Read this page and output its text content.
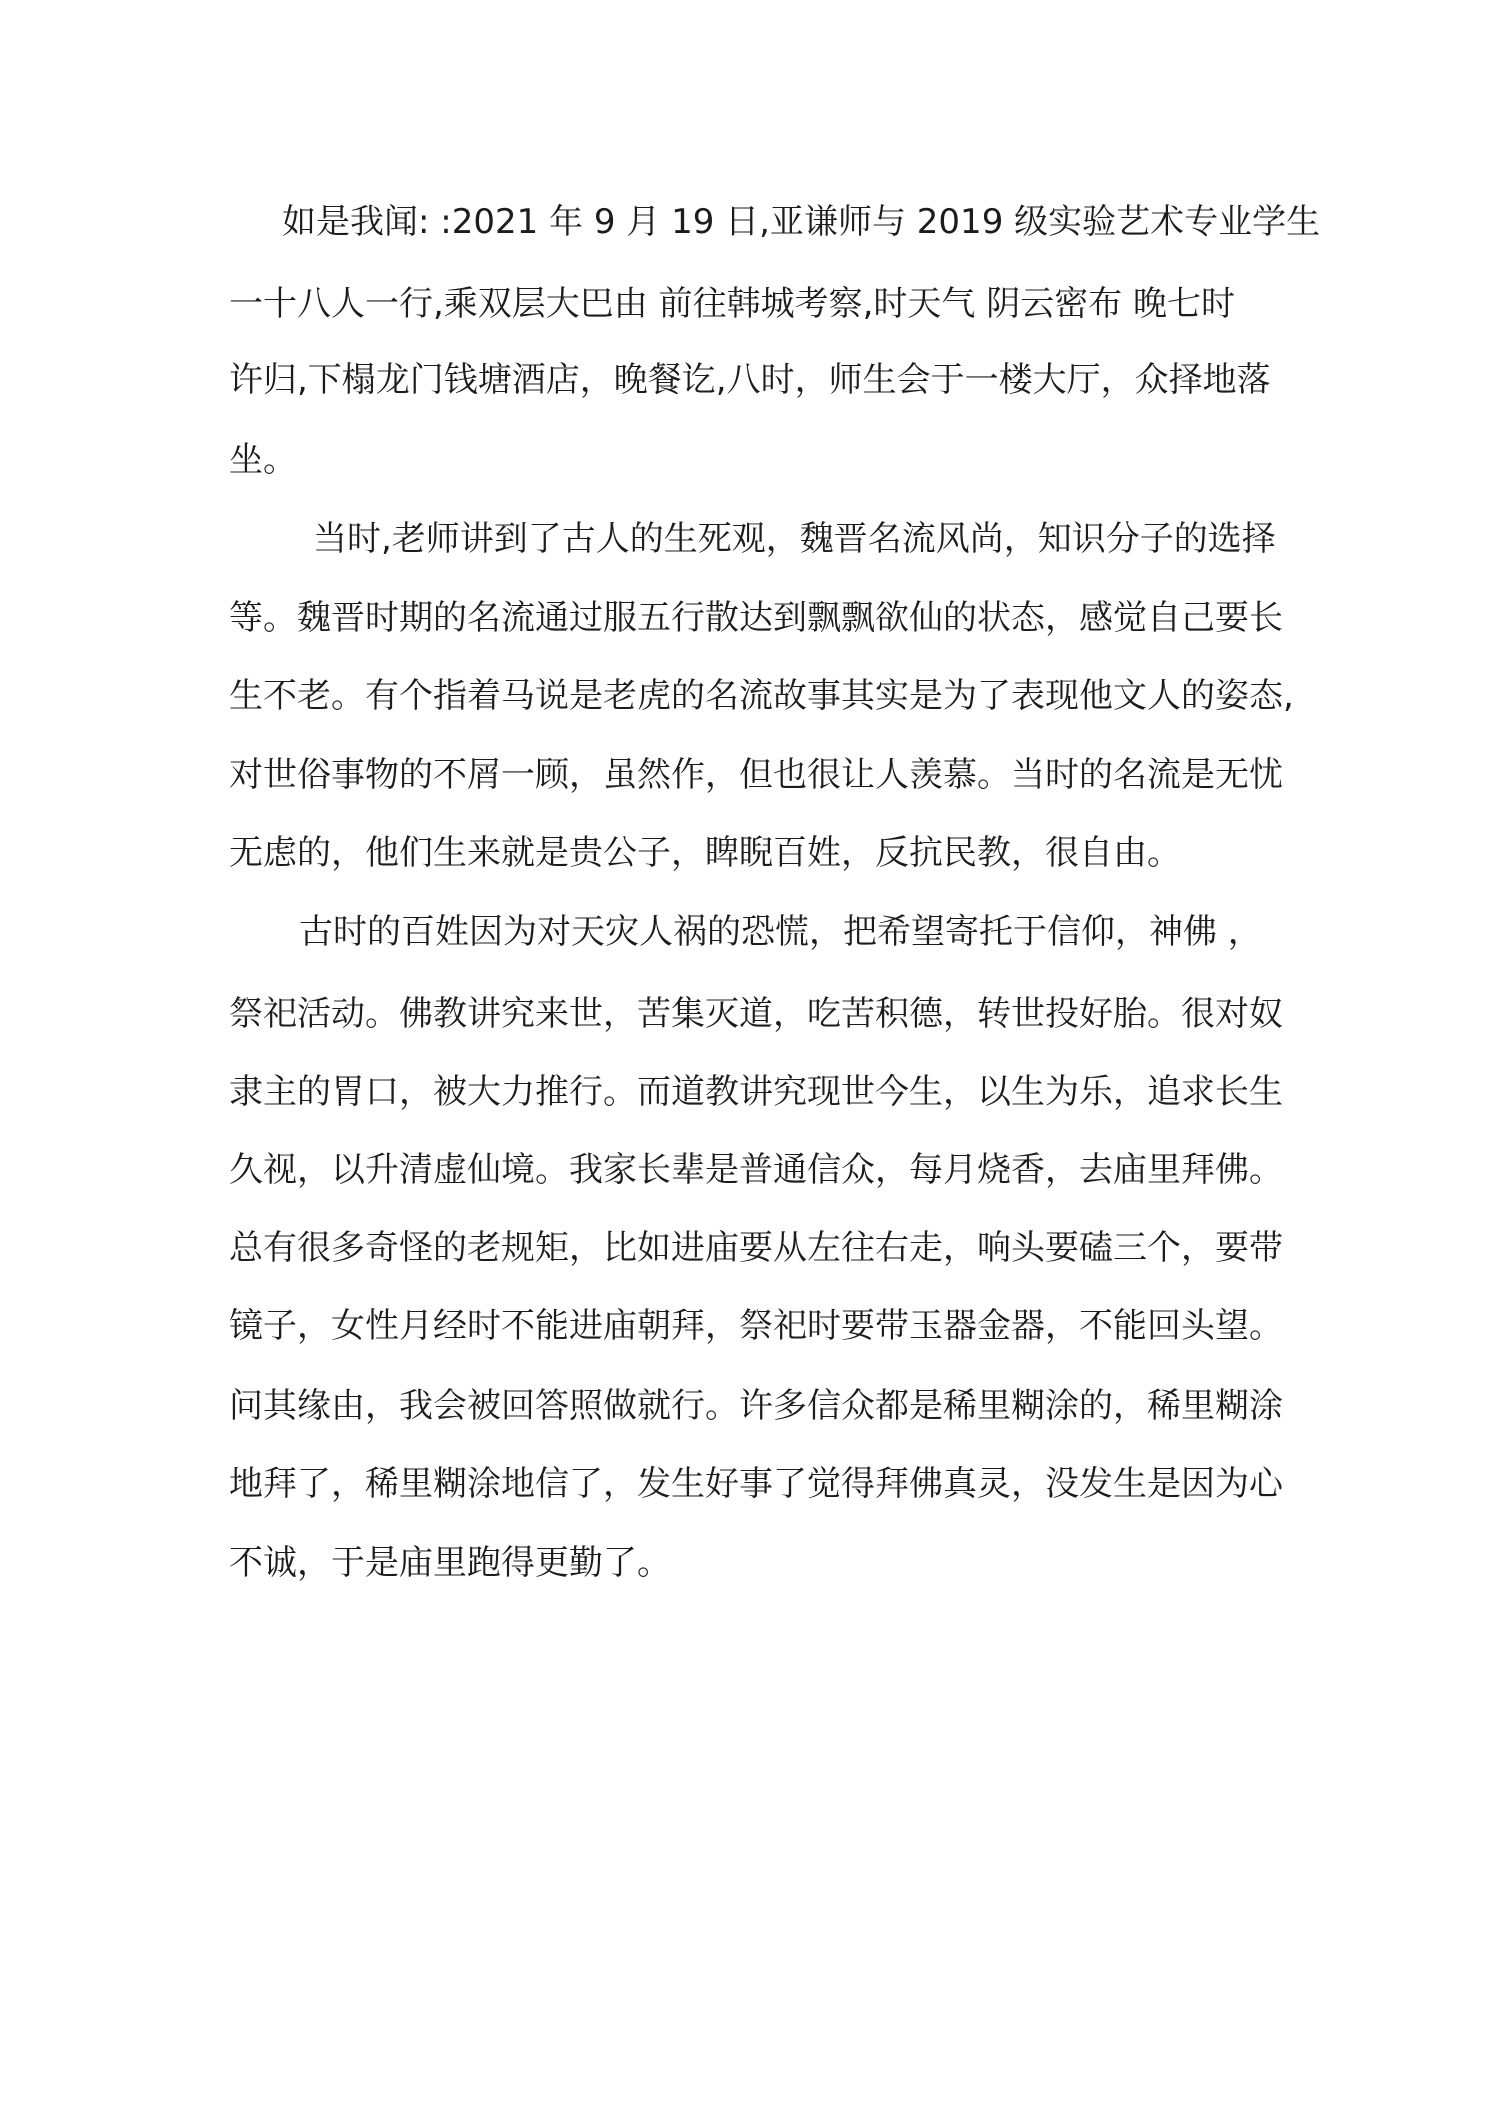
如是我闻: :2021 年 9 月 19 日,亚谦师与 2019 级实验艺术专业学生
一十八人一行,乘双层大巴由 前往韩城考察,时天气 阴云密布 晚七时
许归,下榻龙门钱塘酒店，晚餐讫,八时，师生会于一楼大厅，众择地落
坐。
当时,老师讲到了古人的生死观，魏晋名流风尚，知识分子的选择
等。魏晋时期的名流通过服五行散达到飘飘欲仙的状态，感觉自己要长
生不老。有个指着马说是老虎的名流故事其实是为了表现他文人的姿态,
对世俗事物的不屑一顾，虽然作，但也很让人羡慕。当时的名流是无忧
无虑的，他们生来就是贵公子，睥睨百姓，反抗民教，很自由。
古时的百姓因为对天灾人祸的恐慌，把希望寄托于信仰，神佛 ，
祭祀活动。佛教讲究来世，苦集灭道，吃苦积德，转世投好胎。很对奴
隶主的胃口，被大力推行。而道教讲究现世今生，以生为乐，追求长生
久视，以升清虚仙境。我家长辈是普通信众，每月烧香，去庙里拜佛。
总有很多奇怪的老规矩，比如进庙要从左往右走，响头要磕三个，要带
镜子，女性月经时不能进庙朝拜，祭祀时要带玉器金器，不能回头望。
问其缘由，我会被回答照做就行。许多信众都是稀里糊涂的，稀里糊涂
地拜了，稀里糊涂地信了，发生好事了觉得拜佛真灵，没发生是因为心
不诚，于是庙里跑得更勤了。
